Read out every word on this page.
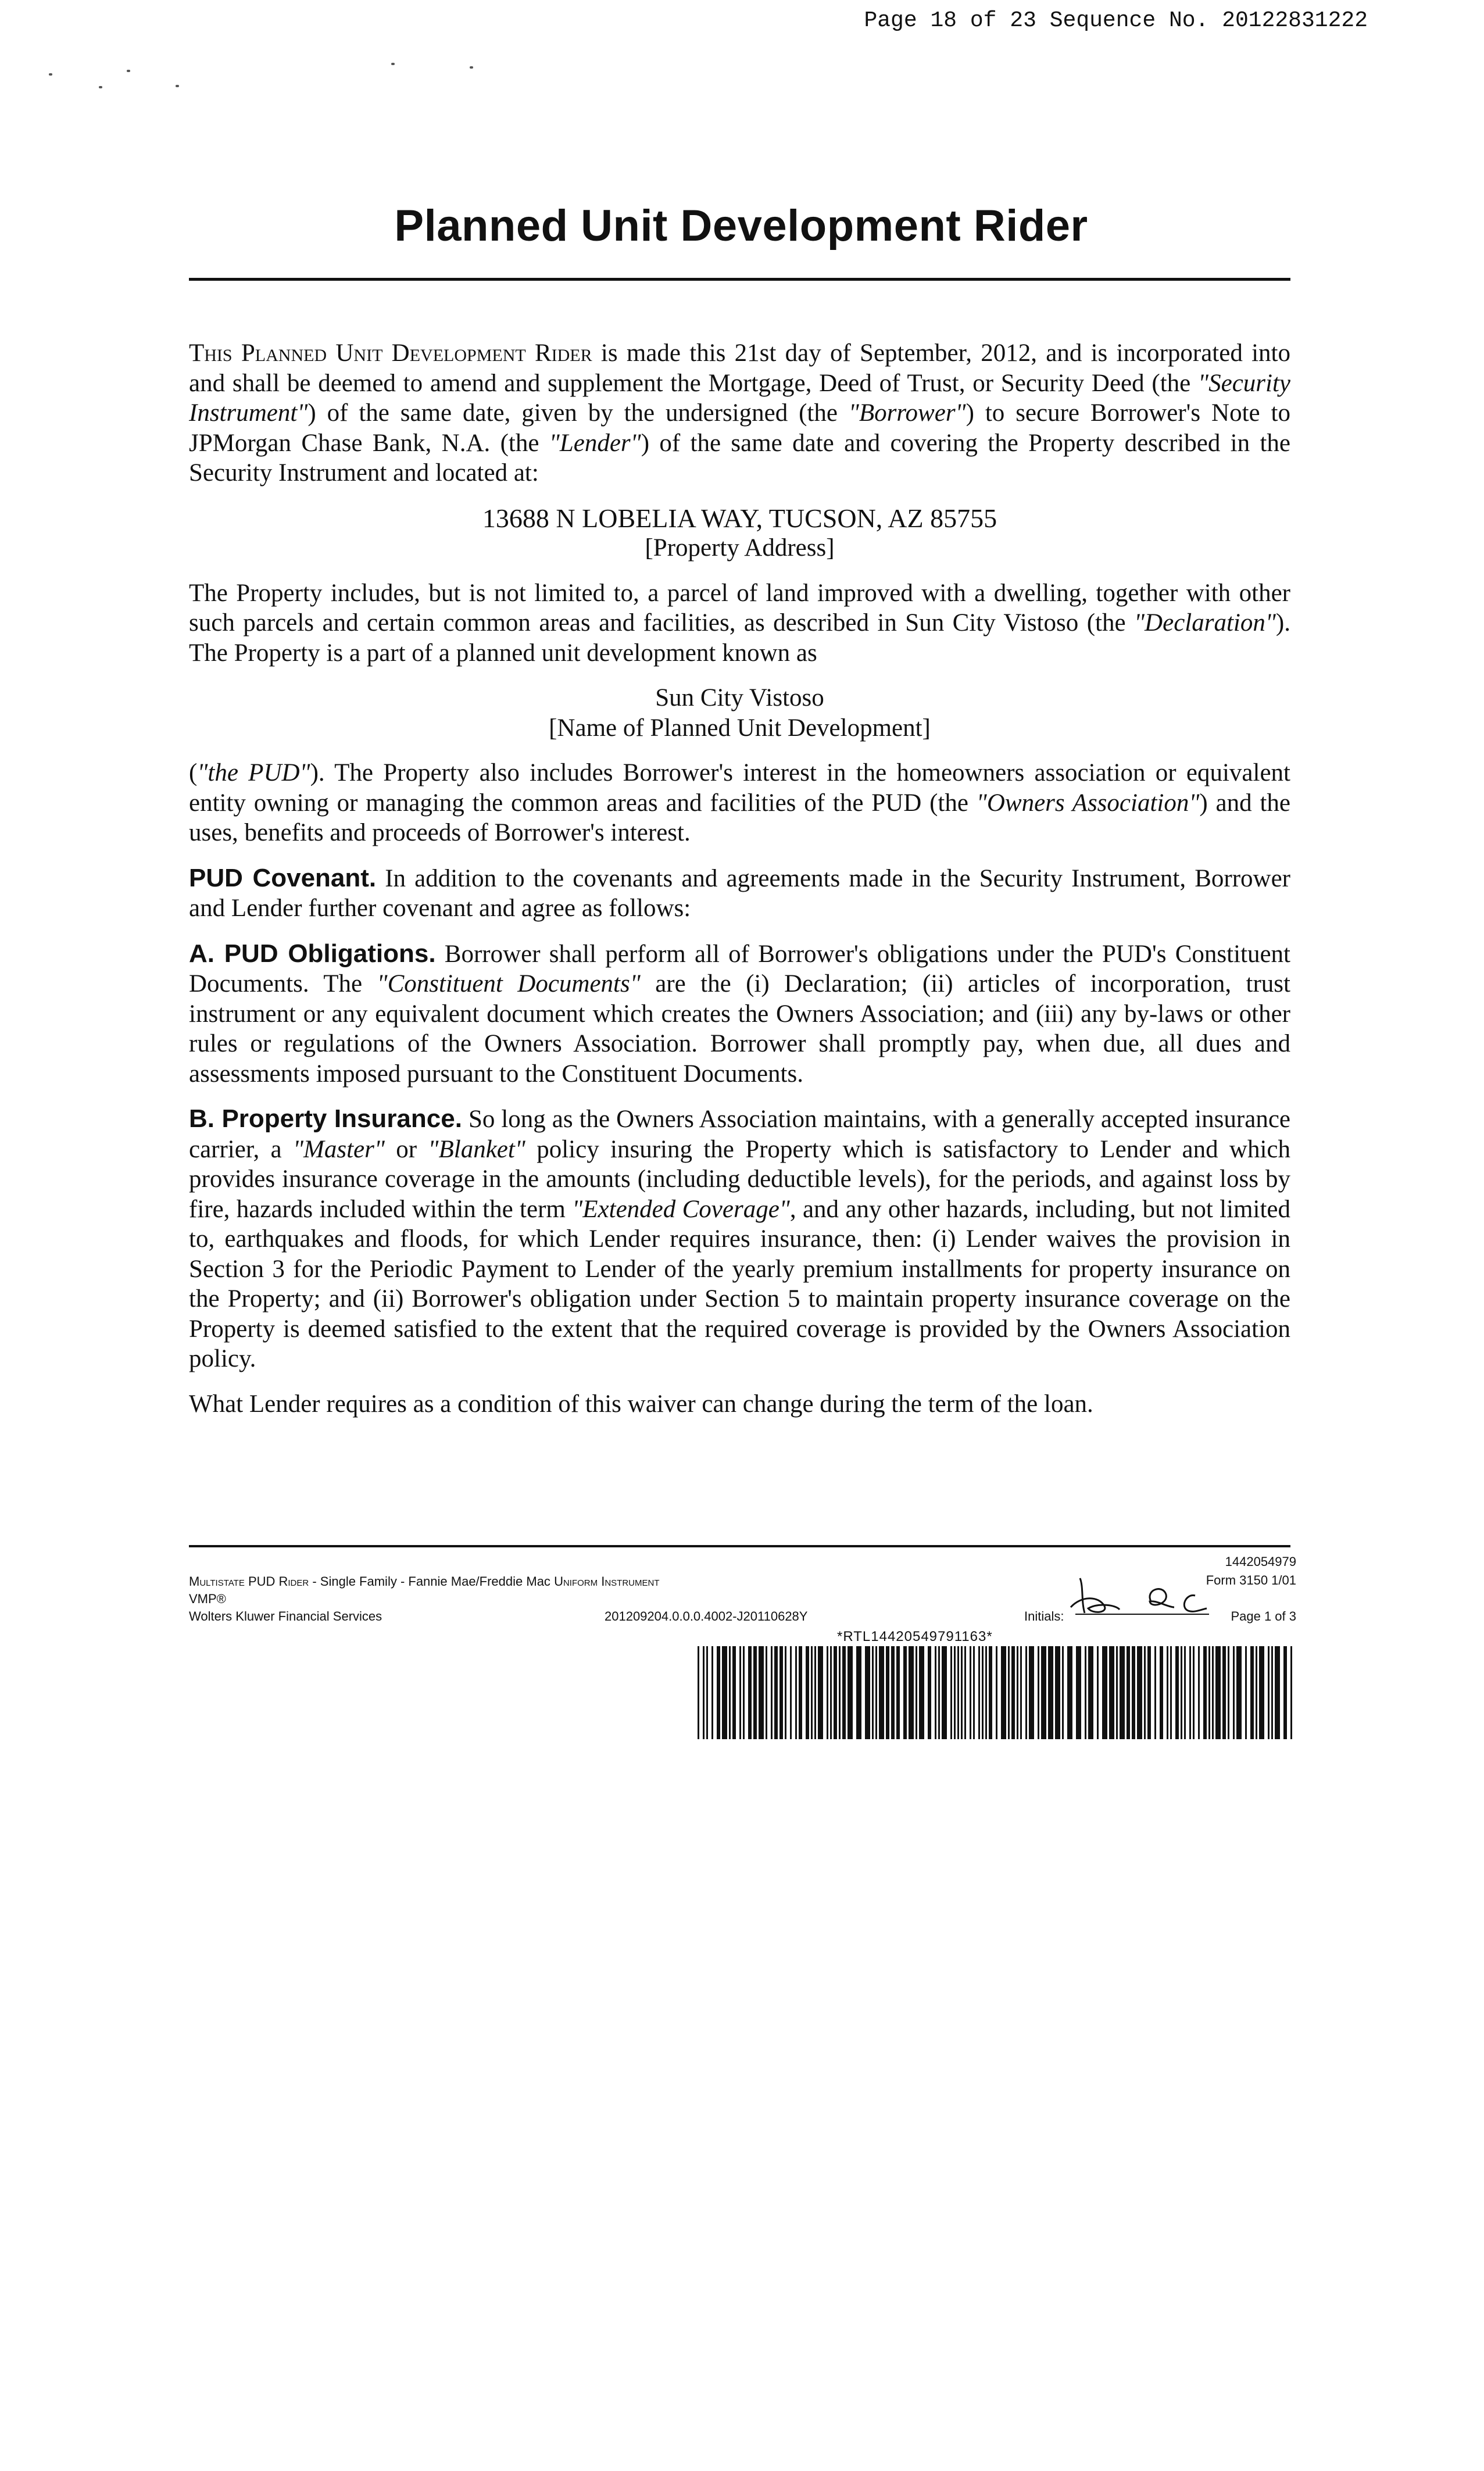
Page 18 of 23 Sequence No. 20122831222
Planned Unit Development Rider

This Planned Unit Development Rider is made this 21st day of September, 2012, and is incorporated into and shall be deemed to amend and supplement the Mortgage, Deed of Trust, or Security Deed (the "Security Instrument") of the same date, given by the undersigned (the "Borrower") to secure Borrower's Note to JPMorgan Chase Bank, N.A. (the "Lender") of the same date and covering the Property described in the Security Instrument and located at:

13688 N LOBELIA WAY, TUCSON, AZ 85755
[Property Address]

The Property includes, but is not limited to, a parcel of land improved with a dwelling, together with other such parcels and certain common areas and facilities, as described in Sun City Vistoso (the "Declaration"). The Property is a part of a planned unit development known as

Sun City Vistoso
[Name of Planned Unit Development]

("the PUD"). The Property also includes Borrower's interest in the homeowners association or equivalent entity owning or managing the common areas and facilities of the PUD (the "Owners Association") and the uses, benefits and proceeds of Borrower's interest.

PUD Covenant. In addition to the covenants and agreements made in the Security Instrument, Borrower and Lender further covenant and agree as follows:

A. PUD Obligations. Borrower shall perform all of Borrower's obligations under the PUD's Constituent Documents. The "Constituent Documents" are the (i) Declaration; (ii) articles of incorporation, trust instrument or any equivalent document which creates the Owners Association; and (iii) any by-laws or other rules or regulations of the Owners Association. Borrower shall promptly pay, when due, all dues and assessments imposed pursuant to the Constituent Documents.

B. Property Insurance. So long as the Owners Association maintains, with a generally accepted insurance carrier, a "Master" or "Blanket" policy insuring the Property which is satisfactory to Lender and which provides insurance coverage in the amounts (including deductible levels), for the periods, and against loss by fire, hazards included within the term "Extended Coverage", and any other hazards, including, but not limited to, earthquakes and floods, for which Lender requires insurance, then: (i) Lender waives the provision in Section 3 for the Periodic Payment to Lender of the yearly premium installments for property insurance on the Property; and (ii) Borrower's obligation under Section 5 to maintain property insurance coverage on the Property is deemed satisfied to the extent that the required coverage is provided by the Owners Association policy.

What Lender requires as a condition of this waiver can change during the term of the loan.

Multistate PUD Rider - Single Family - Fannie Mae/Freddie Mac Uniform Instrument
VMP®
Wolters Kluwer Financial Services	201209204.0.0.0.4002-J20110628Y
1442054979
Form 3150 1/01
Initials:	Page 1 of 3
*RTL14420549791163*
